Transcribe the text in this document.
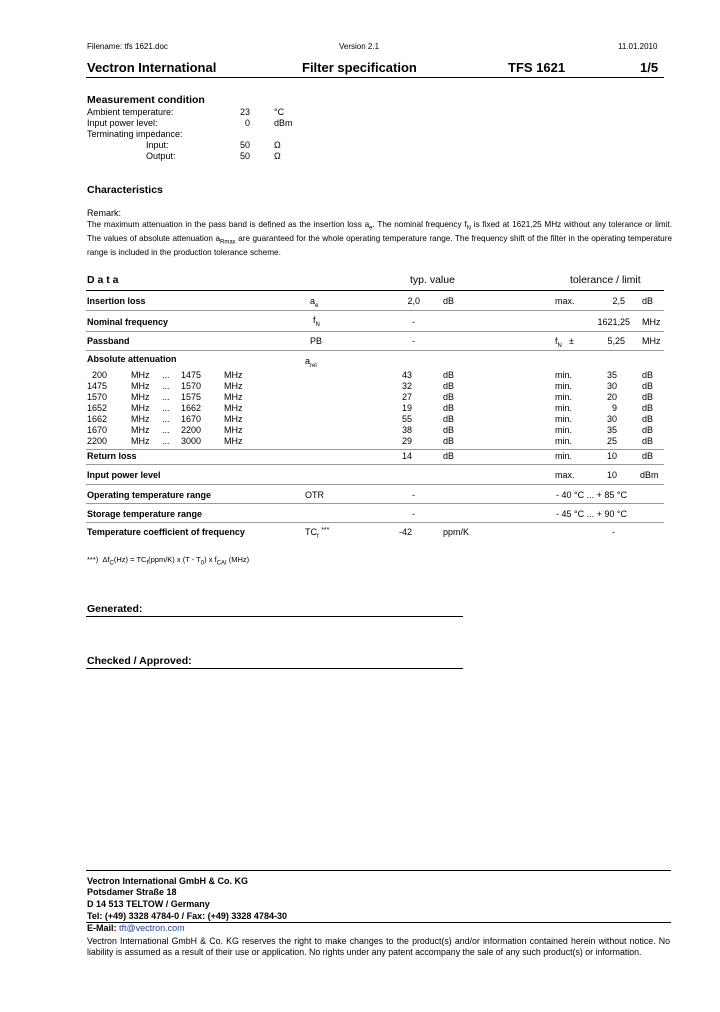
Filename: tfs 1621.doc	Version 2.1	11.01.2010
Vectron International	Filter specification	TFS 1621	1/5
Measurement condition
Ambient temperature:	23	°C
Input power level:	0	dBm
Terminating impedance:
Input:	50	Ω
Output:	50	Ω
Characteristics
Remark:
The maximum attenuation in the pass band is defined as the insertion loss $a_e$. The nominal frequency $f_N$ is fixed at 1621,25 MHz without any tolerance or limit. The values of absolute attenuation $a_{Rmax}$ are guaranteed for the whole operating temperature range. The frequency shift of the filter in the operating temperature range is included in the production tolerance scheme.
D a t a	typ. value	tolerance / limit
Insertion loss	$a_e$	2,0	dB	max.	2,5 dB
Nominal frequency	$f_N$	-	1621,25 MHz
Passband	PB	-	$f_N$ ±	5,25 MHz
Absolute attenuation	$a_{rel}$
200	MHz ...	1475	MHz	43	dB	min.	35	dB
1475	MHz ...	1570	MHz	32	dB	min.	30	dB
1570	MHz ...	1575	MHz	27	dB	min.	20	dB
1652	MHz ...	1662	MHz	19	dB	min.	9	dB
1662	MHz ...	1670	MHz	55	dB	min.	30	dB
1670	MHz ...	2200	MHz	38	dB	min.	35	dB
2200	MHz ...	3000	MHz	29	dB	min.	25	dB
Return loss	14	dB	min.	10	dB
Input power level	max.	10	dBm
Operating temperature range	OTR	-	- 40 °C ... + 85 °C
Storage temperature range	-	- 45 °C ... + 90 °C
Temperature coefficient of frequency	$TC_f$ ***	-42	ppm/K	-
***) $\Delta f_C(Hz) = TC_f(ppm/K)$ x $(T - T_0)$ x $f_{CAI}$ (MHz)
Generated:
Checked / Approved:
Vectron International GmbH & Co. KG
Potsdamer Straße 18
D 14 513 TELTOW / Germany
Tel: (+49) 3328 4784-0 / Fax: (+49) 3328 4784-30
E-Mail: tft@vectron.com
Vectron International GmbH & Co. KG reserves the right to make changes to the product(s) and/or information contained herein without notice. No liability is assumed as a result of their use or application. No rights under any patent accompany the sale of any such product(s) or information.
